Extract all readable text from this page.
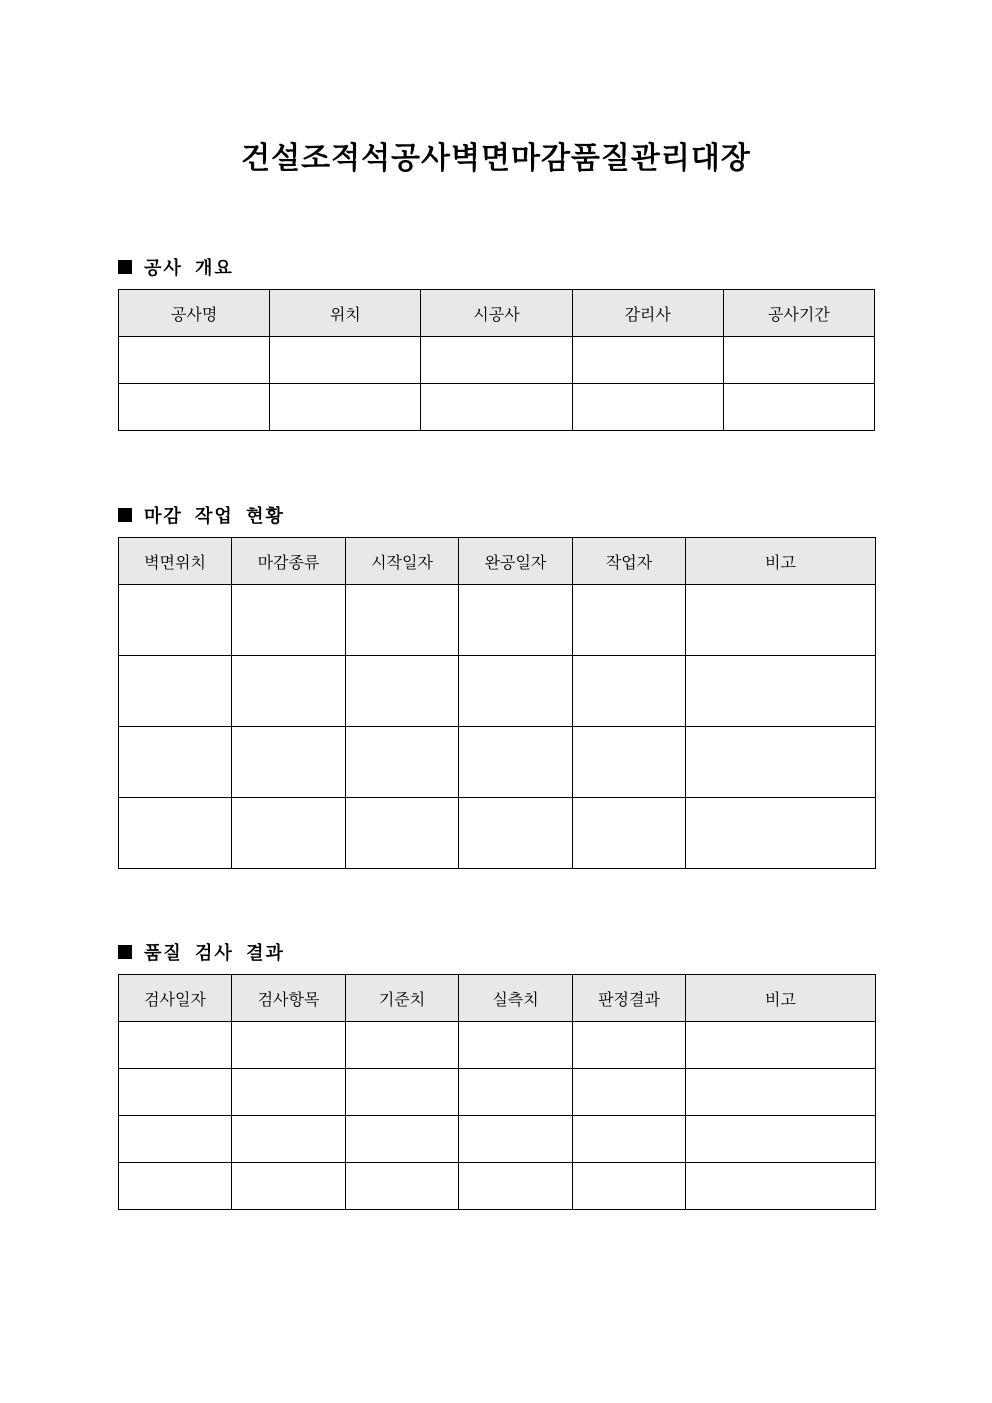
건설조적석공사벽면마감품질관리대장
공사 개요
공사명	위치	시공사	감리사	공사기간

마감 작업 현황
벽면위치	마감종류	시작일자	완공일자	작업자	비고

품질 검사 결과
검사일자	검사항목	기준치	실측치	판정결과	비고
